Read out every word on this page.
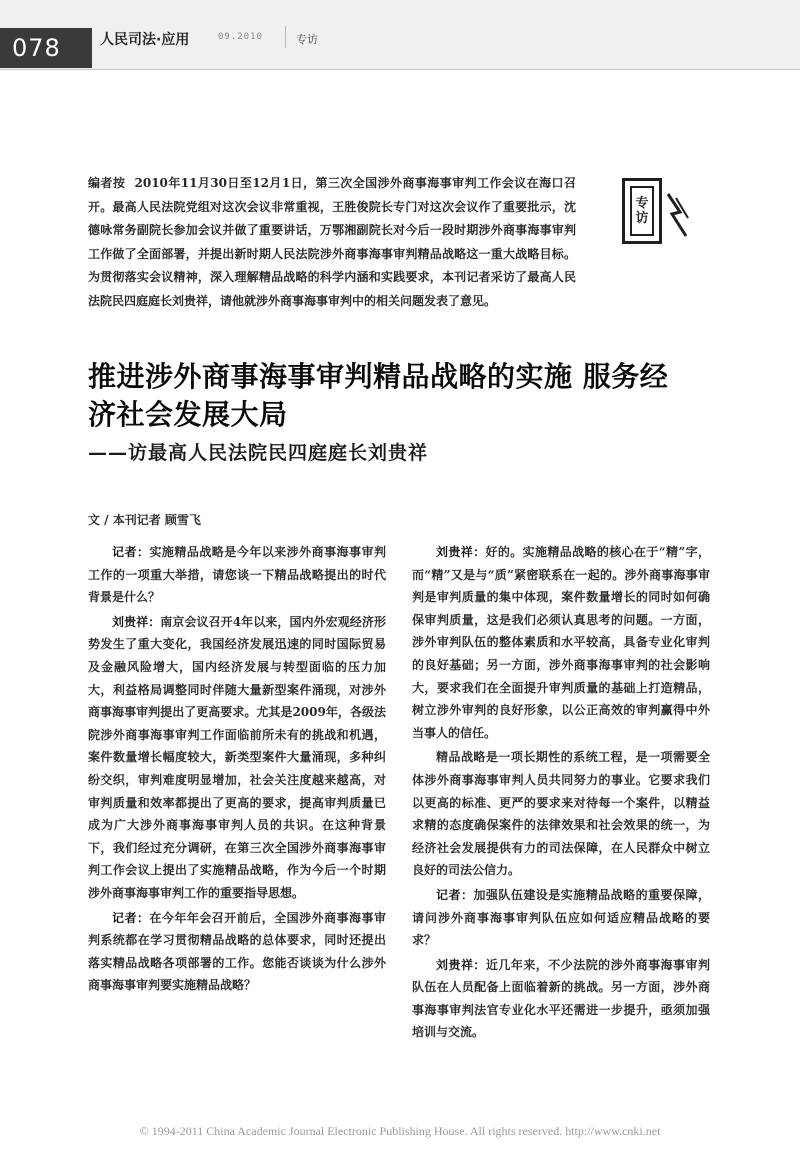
078	人民司法·应用	09.2010	专访
编者按 2010年11月30日至12月1日，第三次全国涉外商事海事审判工作会议在海口召开。最高人民法院党组对这次会议非常重视，王胜俊院长专门对这次会议作了重要批示，沈德咏常务副院长参加会议并做了重要讲话，万鄂湘副院长对今后一段时期涉外商事海事审判工作做了全面部署，并提出新时期人民法院涉外商事海事审判精品战略这一重大战略目标。为贯彻落实会议精神，深入理解精品战略的科学内涵和实践要求，本刊记者采访了最高人民法院民四庭庭长刘贵祥，请他就涉外商事海事审判中的相关问题发表了意见。
专
访
推进涉外商事海事审判精品战略的实施 服务经济社会发展大局
——访最高人民法院民四庭庭长刘贵祥
文 / 本刊记者 顾雪飞

记者：实施精品战略是今年以来涉外商事海事审判工作的一项重大举措，请您谈一下精品战略提出的时代背景是什么？

刘贵祥：南京会议召开4年以来，国内外宏观经济形势发生了重大变化，我国经济发展迅速的同时国际贸易及金融风险增大，国内经济发展与转型面临的压力加大，利益格局调整同时伴随大量新型案件涌现，对涉外商事海事审判提出了更高要求。尤其是2009年，各级法院涉外商事海事审判工作面临前所未有的挑战和机遇，案件数量增长幅度较大，新类型案件大量涌现，多种纠纷交织，审判难度明显增加，社会关注度越来越高，对审判质量和效率都提出了更高的要求，提高审判质量已成为广大涉外商事海事审判人员的共识。在这种背景下，我们经过充分调研，在第三次全国涉外商事海事审判工作会议上提出了实施精品战略，作为今后一个时期涉外商事海事审判工作的重要指导思想。

记者：在今年年会召开前后，全国涉外商事海事审判系统都在学习贯彻精品战略的总体要求，同时还提出落实精品战略各项部署的工作。您能否谈谈为什么涉外商事海事审判要实施精品战略？

刘贵祥：好的。实施精品战略的核心在于“精”字，而“精”又是与“质”紧密联系在一起的。涉外商事海事审判是审判质量的集中体现，案件数量增长的同时如何确保审判质量，这是我们必须认真思考的问题。一方面，涉外审判队伍的整体素质和水平较高，具备专业化审判的良好基础；另一方面，涉外商事海事审判的社会影响大，要求我们在全面提升审判质量的基础上打造精品，树立涉外审判的良好形象，以公正高效的审判赢得中外当事人的信任。

精品战略是一项长期性的系统工程，是一项需要全体涉外商事海事审判人员共同努力的事业。它要求我们以更高的标准、更严的要求来对待每一个案件，以精益求精的态度确保案件的法律效果和社会效果的统一，为经济社会发展提供有力的司法保障，在人民群众中树立良好的司法公信力。

记者：加强队伍建设是实施精品战略的重要保障，请问涉外商事海事审判队伍应如何适应精品战略的要求？

刘贵祥：近几年来，不少法院的涉外商事海事审判队伍在人员配备上面临着新的挑战。另一方面，涉外商事海事审判法官专业化水平还需进一步提升，亟须加强培训与交流。

© 1994-2011 China Academic Journal Electronic Publishing House. All rights reserved. http://www.cnki.net
